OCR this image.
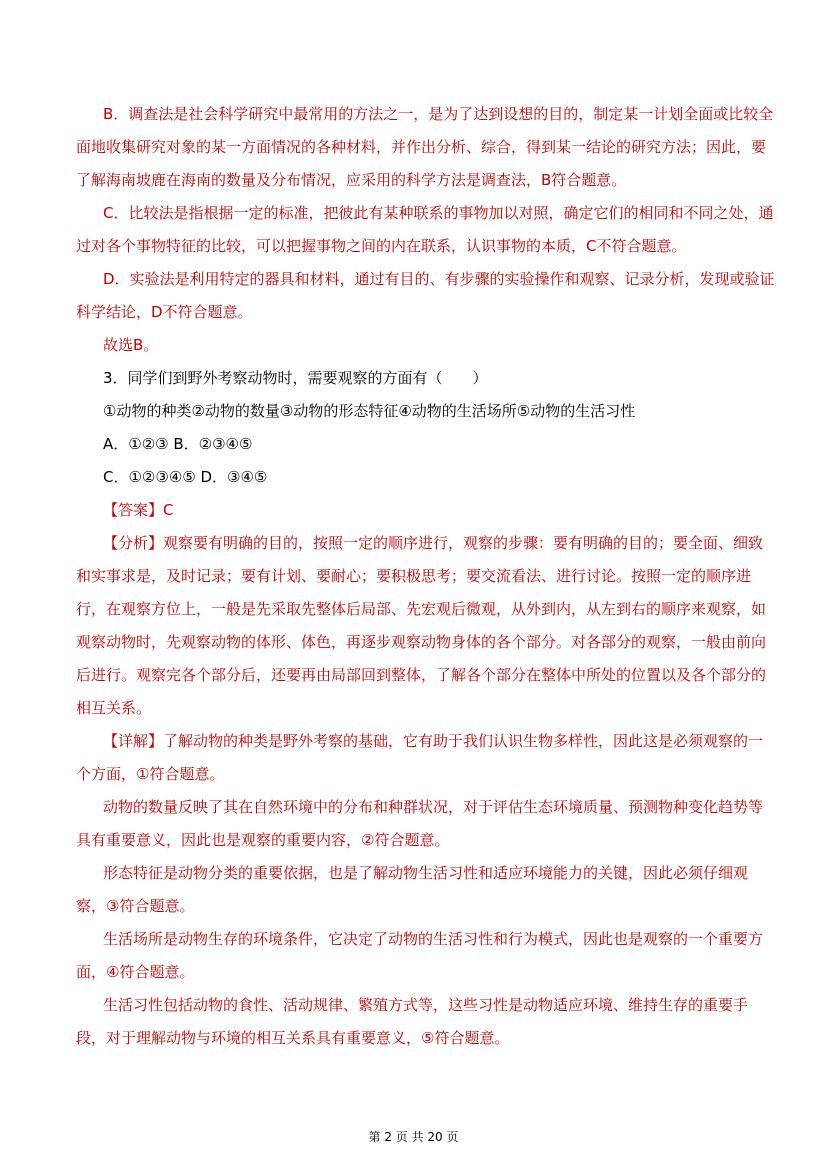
B．调查法是社会科学研究中最常用的方法之一，是为了达到设想的目的，制定某一计划全面或比较全面地收集研究对象的某一方面情况的各种材料，并作出分析、综合，得到某一结论的研究方法；因此，要了解海南坡鹿在海南的数量及分布情况，应采用的科学方法是调查法，B符合题意。

C．比较法是指根据一定的标准，把彼此有某种联系的事物加以对照，确定它们的相同和不同之处，通过对各个事物特征的比较，可以把握事物之间的内在联系，认识事物的本质，C不符合题意。

D．实验法是利用特定的器具和材料，通过有目的、有步骤的实验操作和观察、记录分析，发现或验证科学结论，D不符合题意。

故选B。

3．同学们到野外考察动物时，需要观察的方面有（　　）

①动物的种类②动物的数量③动物的形态特征④动物的生活场所⑤动物的生活习性

A．①②③ B．②③④⑤

C．①②③④⑤ D．③④⑤

【答案】C

【分析】观察要有明确的目的，按照一定的顺序进行，观察的步骤：要有明确的目的；要全面、细致和实事求是，及时记录；要有计划、要耐心；要积极思考；要交流看法、进行讨论。按照一定的顺序进行，在观察方位上，一般是先采取先整体后局部、先宏观后微观，从外到内，从左到右的顺序来观察，如观察动物时，先观察动物的体形、体色，再逐步观察动物身体的各个部分。对各部分的观察，一般由前向后进行。观察完各个部分后，还要再由局部回到整体，了解各个部分在整体中所处的位置以及各个部分的相互关系。

【详解】了解动物的种类是野外考察的基础，它有助于我们认识生物多样性，因此这是必须观察的一个方面，①符合题意。

动物的数量反映了其在自然环境中的分布和种群状况，对于评估生态环境质量、预测物种变化趋势等具有重要意义，因此也是观察的重要内容，②符合题意。

形态特征是动物分类的重要依据，也是了解动物生活习性和适应环境能力的关键，因此必须仔细观察，③符合题意。

生活场所是动物生存的环境条件，它决定了动物的生活习性和行为模式，因此也是观察的一个重要方面，④符合题意。

生活习性包括动物的食性、活动规律、繁殖方式等，这些习性是动物适应环境、维持生存的重要手段，对于理解动物与环境的相互关系具有重要意义，⑤符合题意。

第 2 页 共 20 页
